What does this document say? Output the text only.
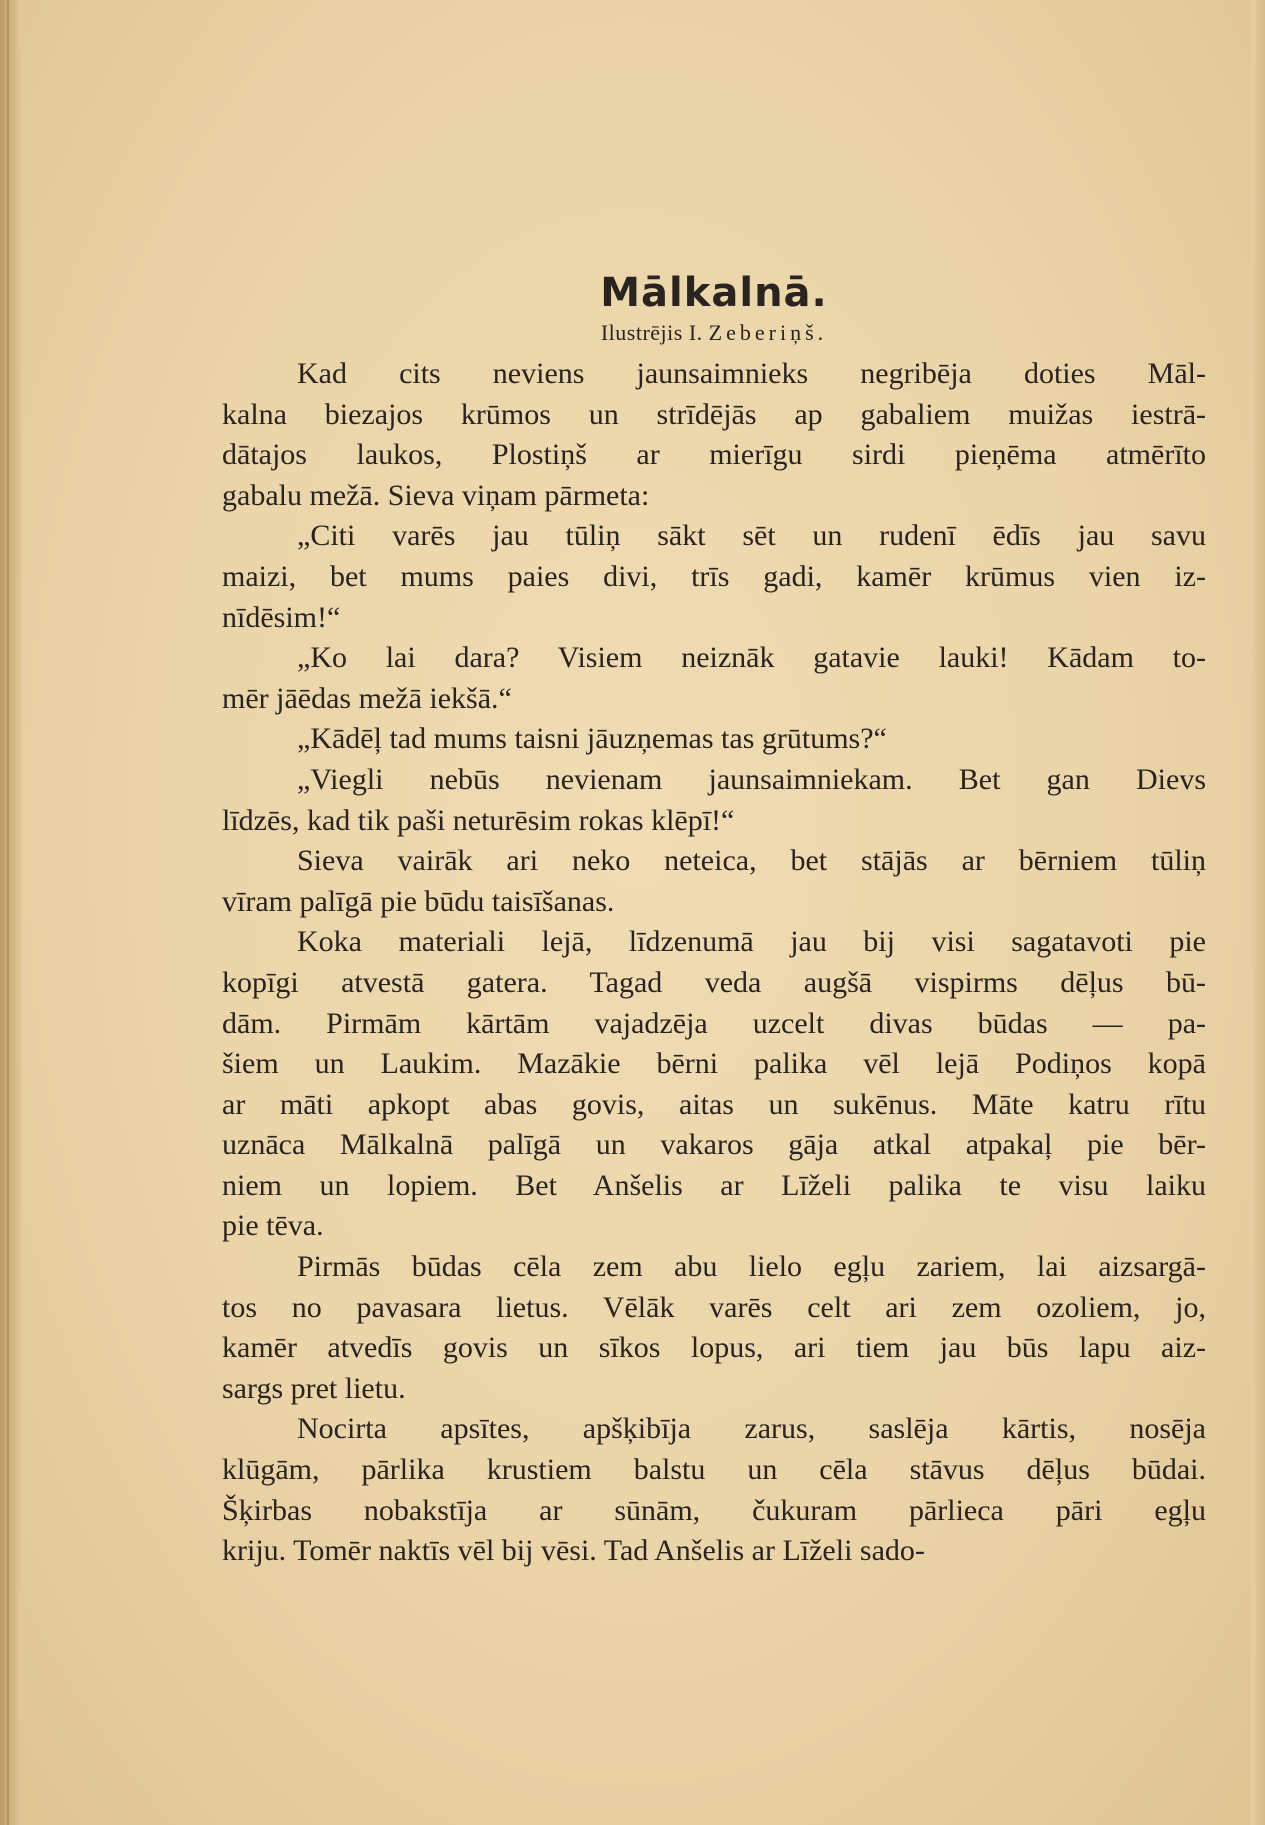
Mālkalnā.
Ilustrējis I. Zeberiņš.
Kad cits neviens jaunsaimnieks negribēja doties Māl-
kalna biezajos krūmos un strīdējās ap gabaliem muižas iestrā-
dātajos laukos, Plostiņš ar mierīgu sirdi pieņēma atmērīto
gabalu mežā. Sieva viņam pārmeta:
„Citi varēs jau tūliņ sākt sēt un rudenī ēdīs jau savu
maizi, bet mums paies divi, trīs gadi, kamēr krūmus vien iz-
nīdēsim!“
„Ko lai dara? Visiem neiznāk gatavie lauki! Kādam to-
mēr jāēdas mežā iekšā.“
„Kādēļ tad mums taisni jāuzņemas tas grūtums?“
„Viegli nebūs nevienam jaunsaimniekam. Bet gan Dievs
līdzēs, kad tik paši neturēsim rokas klēpī!“
Sieva vairāk ari neko neteica, bet stājās ar bērniem tūliņ
vīram palīgā pie būdu taisīšanas.
Koka materiali lejā, līdzenumā jau bij visi sagatavoti pie
kopīgi atvestā gatera. Tagad veda augšā vispirms dēļus bū-
dām. Pirmām kārtām vajadzēja uzcelt divas būdas — pa-
šiem un Laukim. Mazākie bērni palika vēl lejā Podiņos kopā
ar māti apkopt abas govis, aitas un sukēnus. Māte katru rītu
uznāca Mālkalnā palīgā un vakaros gāja atkal atpakaļ pie bēr-
niem un lopiem. Bet Anšelis ar Līželi palika te visu laiku
pie tēva.
Pirmās būdas cēla zem abu lielo egļu zariem, lai aizsargā-
tos no pavasara lietus. Vēlāk varēs celt ari zem ozoliem, jo,
kamēr atvedīs govis un sīkos lopus, ari tiem jau būs lapu aiz-
sargs pret lietu.
Nocirta apsītes, apšķibīja zarus, saslēja kārtis, nosēja
klūgām, pārlika krustiem balstu un cēla stāvus dēļus būdai.
Šķirbas nobakstīja ar sūnām, čukuram pārlieca pāri egļu
kriju. Tomēr naktīs vēl bij vēsi. Tad Anšelis ar Līželi sado-
